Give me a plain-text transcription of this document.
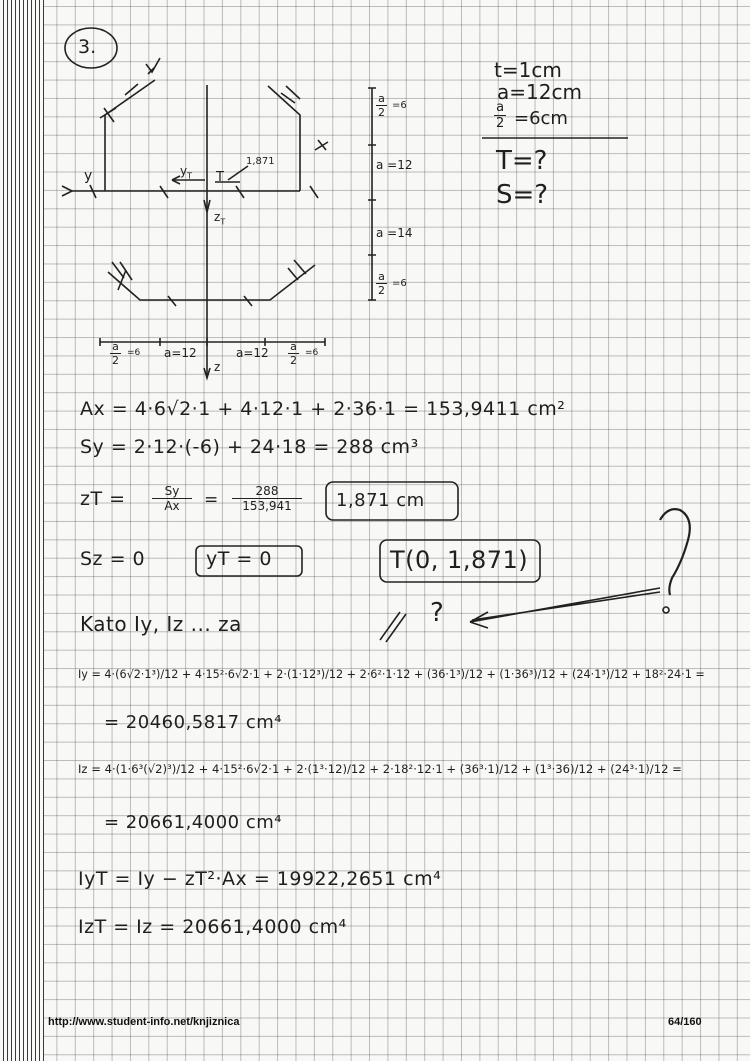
3.
t=1cm
a=12cm
$\frac{a}{2} =6cm$
T=?
S=?
y	$y_T$ T
1,871
$z_T$
z
$\frac{a}{2} =6$
a =12
a =14
$\frac{a}{2} =6$
$\frac{a}{2} =6$ a=12	$a=12 \frac{a}{2} =6$
Ax = 4·6√2·1 + 4·12·1 + 2·36·1 = 153,9411 cm²
Sy = 2·12·(-6) + 24·18 = 288 cm³
zT = $\frac{Sy}{Ax} = \frac{288}{153,941} 1,871$ cm
Sz = 0	yT = 0	T(0, 1,871)
Kato Iy, Iz ... za	?
Iy = 4·(6√2·1³)/12 + 4·15²·6√2·1 + 2·(1·12³)/12 + 2·6²·1·12 + (36·1³)/12 + (1·36³)/12 + (24·1³)/12 + 18²·24·1 =
= 20460,5817 cm⁴
Iz = 4·(1·6³(√2)³)/12 + 4·15²·6√2·1 + 2·(1³·12)/12 + 2·18²·12·1 + (36³·1)/12 + (1³·36)/12 + (24³·1)/12 =
= 20661,4000 cm⁴
IyT = Iy − zT²·Ax = 19922,2651 cm⁴
IzT = Iz = 20661,4000 cm⁴
http://www.student-info.net/knjiznica	64/160
